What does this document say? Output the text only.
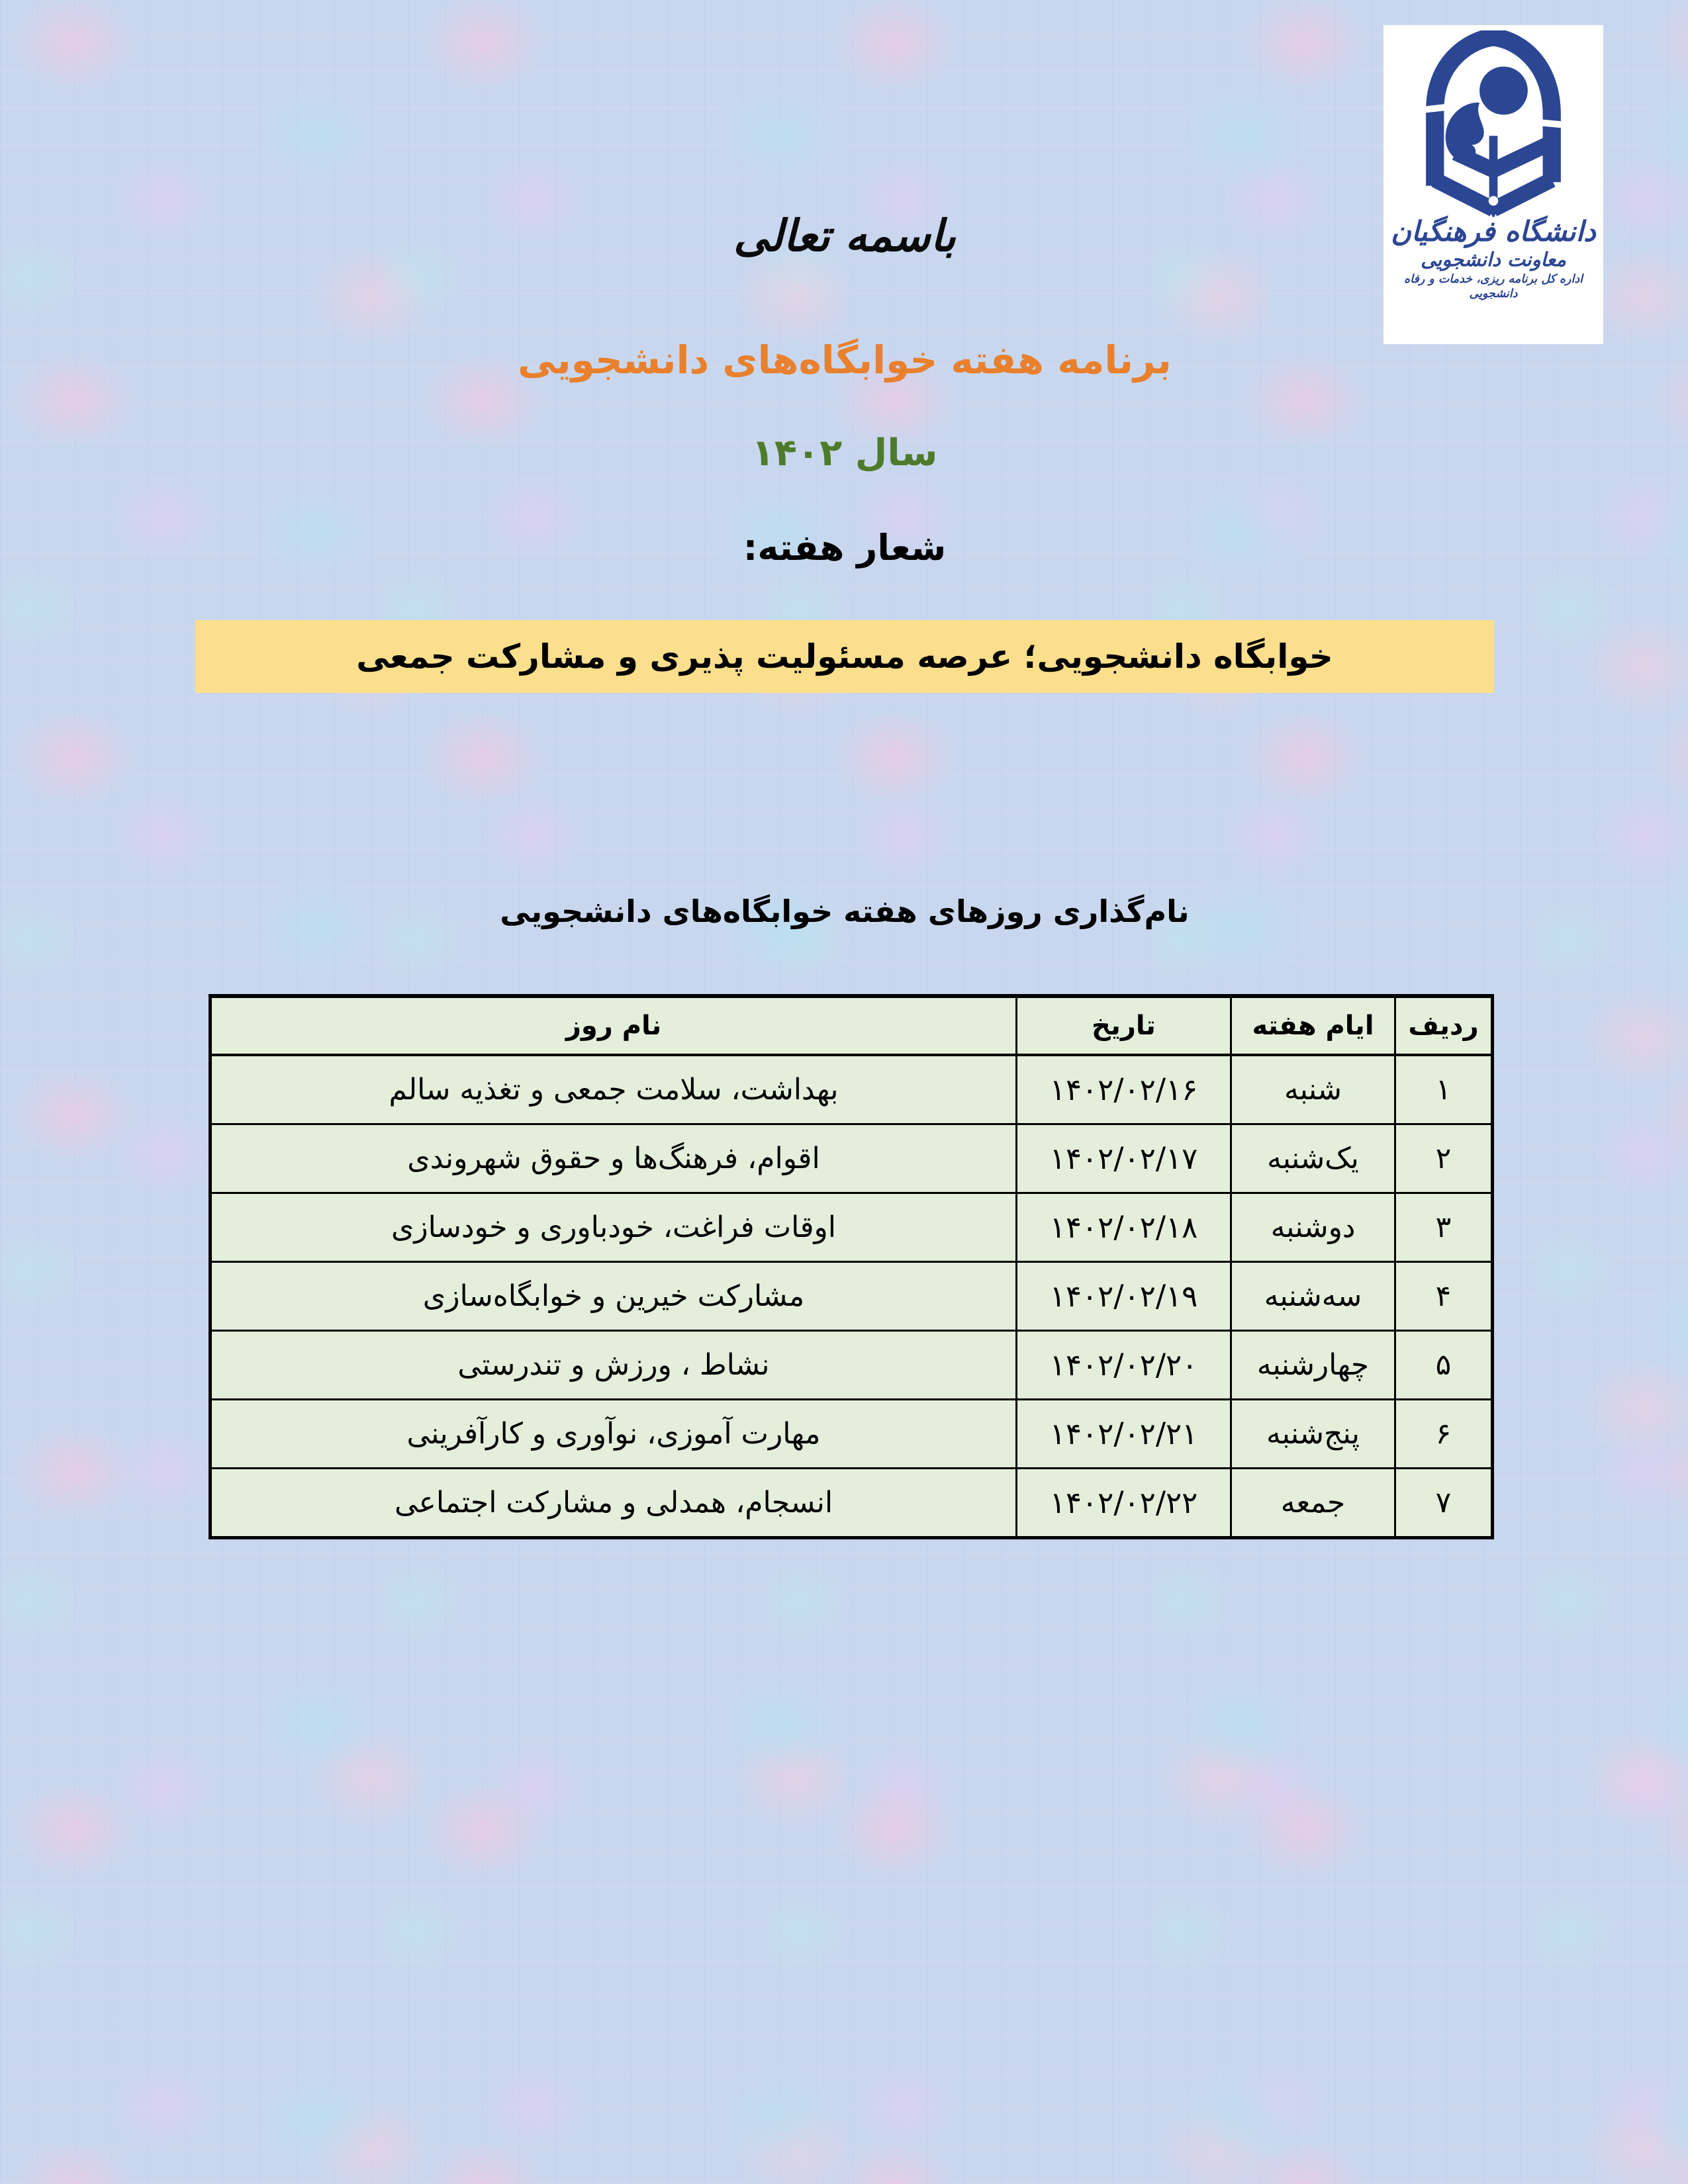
دانشگاه فرهنگیان
معاونت دانشجویی
اداره کل برنامه ریزی، خدمات و رفاه دانشجویی
باسمه تعالی
برنامه هفته خوابگاه‌های دانشجویی
سال ۱۴۰۲
شعار هفته:
خوابگاه دانشجویی؛ عرصه مسئولیت پذیری و مشارکت جمعی
نام‌گذاری روزهای هفته خوابگاه‌های دانشجویی
ردیف	ایام هفته	تاریخ	نام روز
۱	شنبه	۱۴۰۲/۰۲/۱۶	بهداشت، سلامت جمعی و تغذیه سالم
۲	یک‌شنبه	۱۴۰۲/۰۲/۱۷	اقوام، فرهنگ‌ها و حقوق شهروندی
۳	دوشنبه	۱۴۰۲/۰۲/۱۸	اوقات فراغت، خودباوری و خودسازی
۴	سه‌شنبه	۱۴۰۲/۰۲/۱۹	مشارکت خیرین و خوابگاه‌سازی
۵	چهارشنبه	۱۴۰۲/۰۲/۲۰	نشاط ، ورزش و تندرستی
۶	پنج‌شنبه	۱۴۰۲/۰۲/۲۱	مهارت آموزی، نوآوری و کارآفرینی
۷	جمعه	۱۴۰۲/۰۲/۲۲	انسجام، همدلی و مشارکت اجتماعی
